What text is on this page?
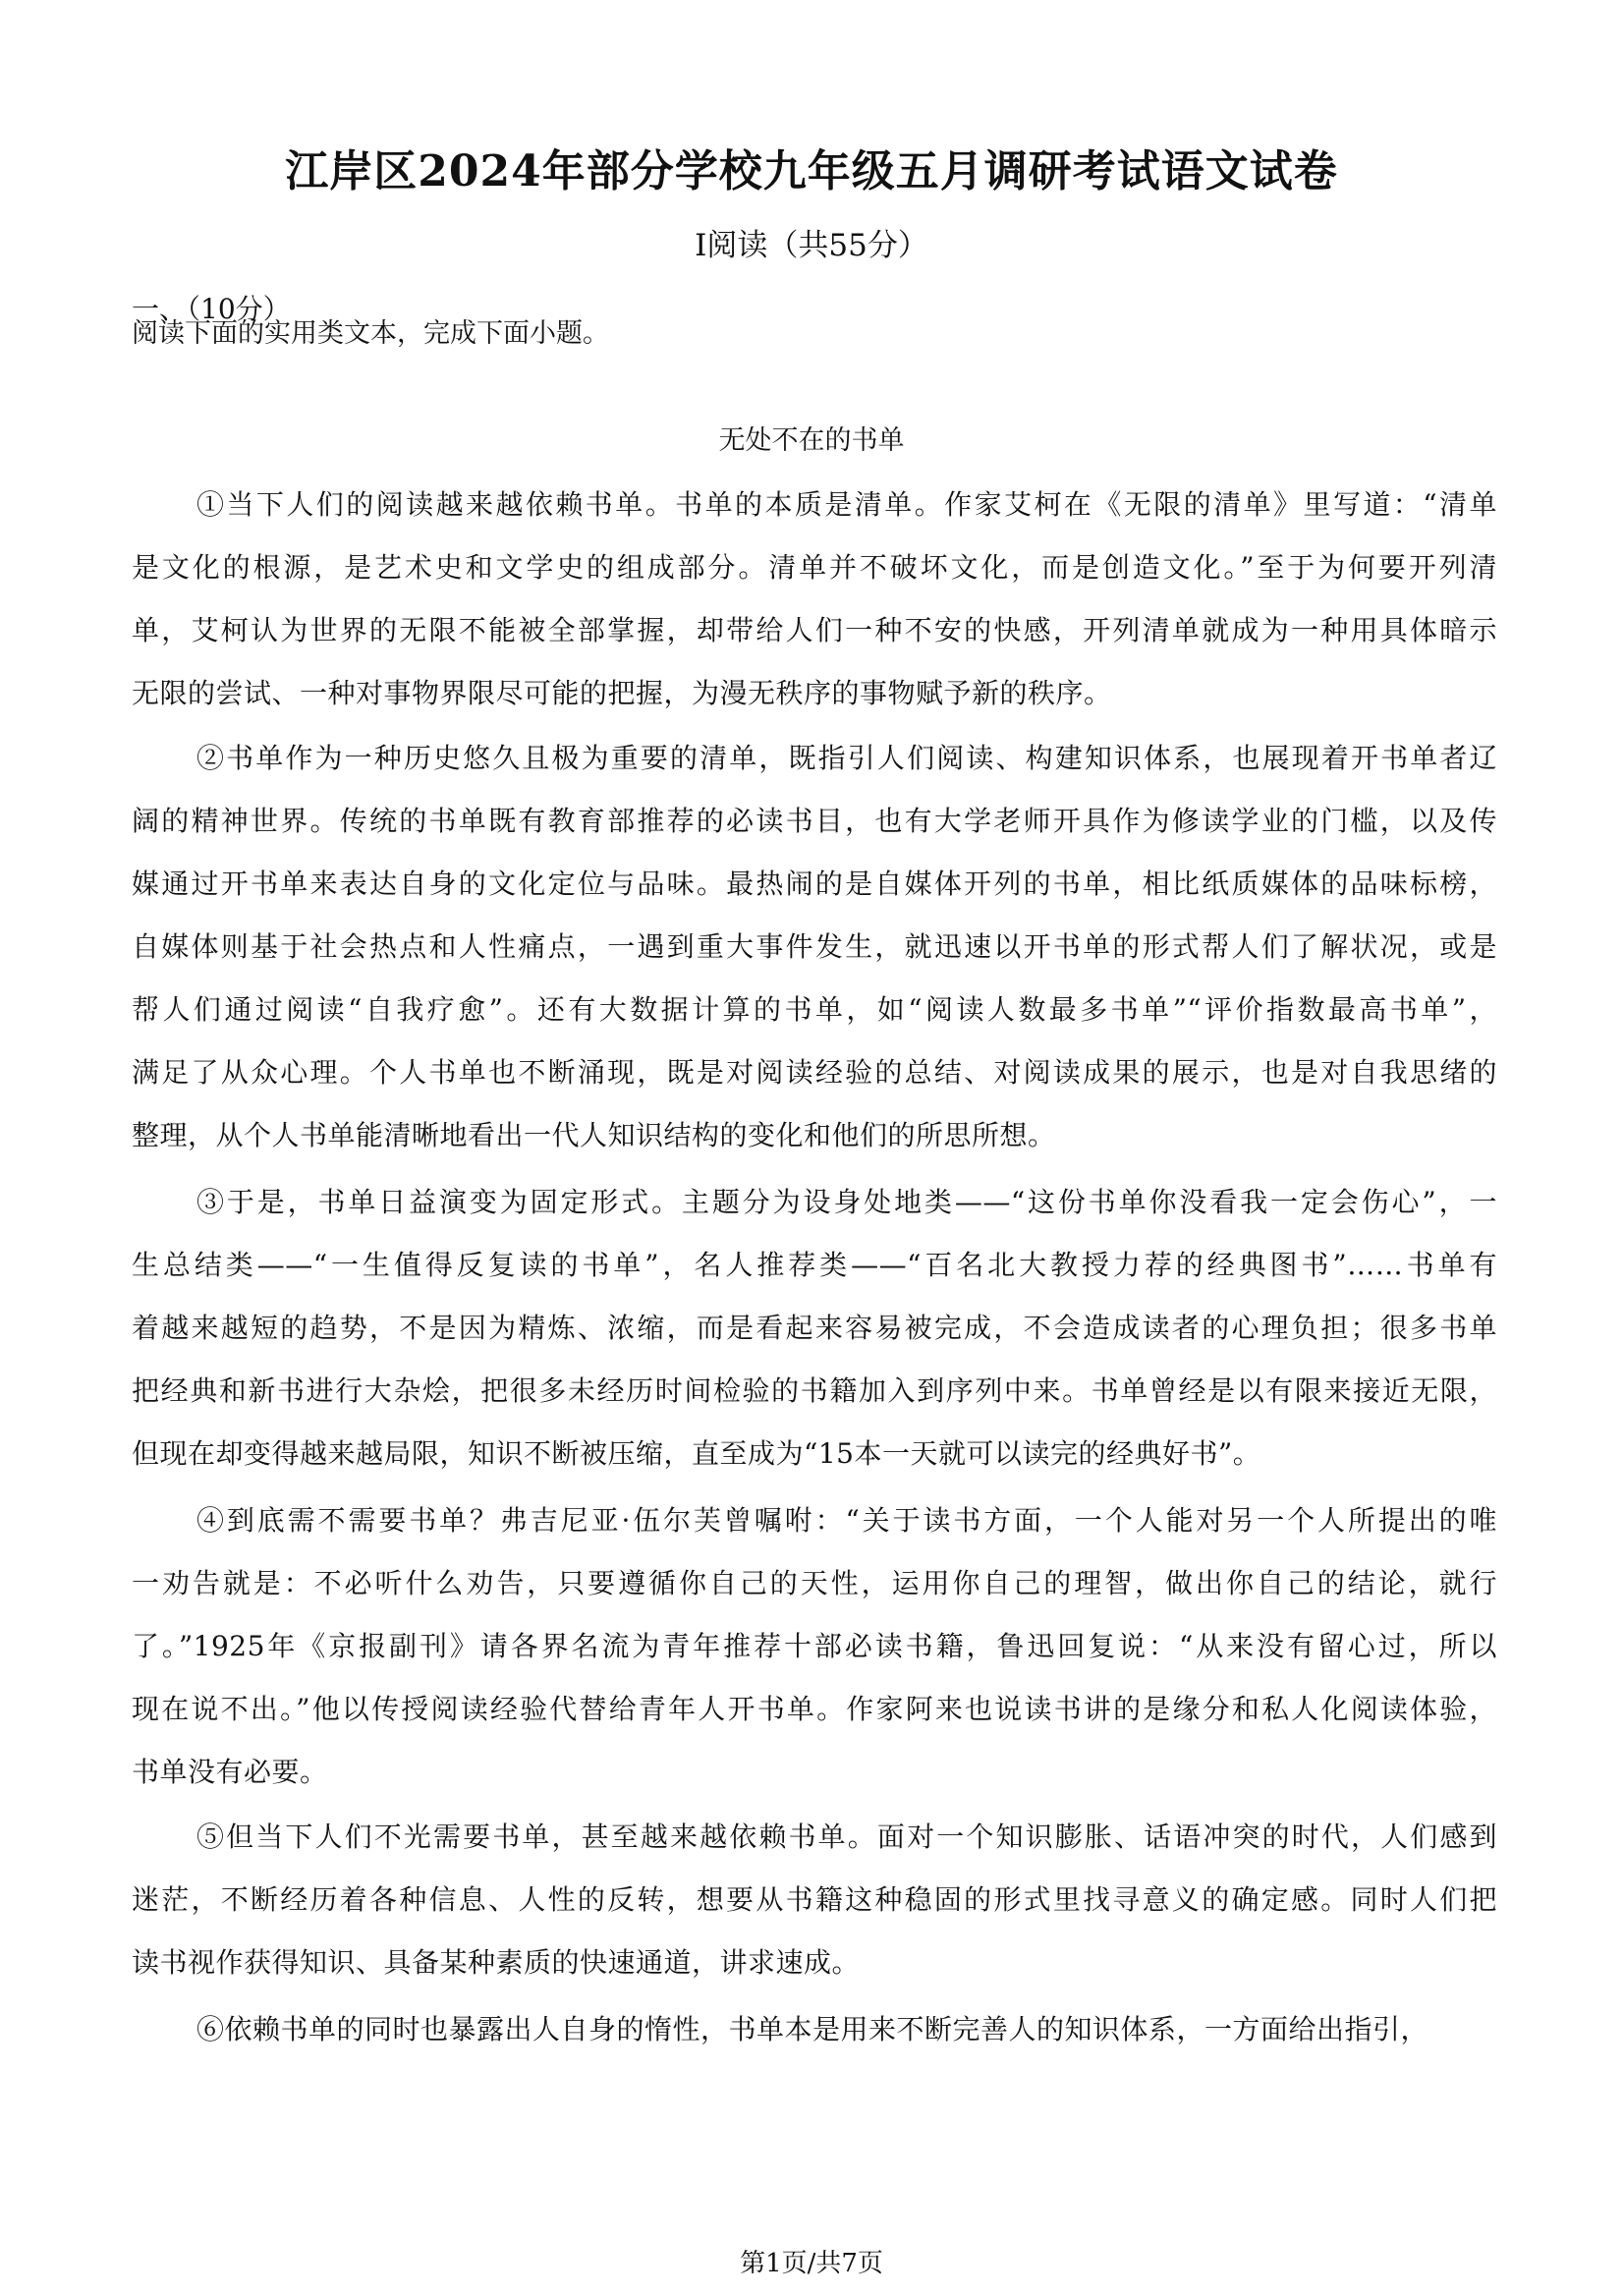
江岸区2024年部分学校九年级五月调研考试语文试卷
I阅读（共55分）
一、（10分）
阅读下面的实用类文本，完成下面小题。
无处不在的书单
①当下人们的阅读越来越依赖书单。书单的本质是清单。作家艾柯在《无限的清单》里写道：“清单
是文化的根源，是艺术史和文学史的组成部分。清单并不破坏文化，而是创造文化。”至于为何要开列清
单，艾柯认为世界的无限不能被全部掌握，却带给人们一种不安的快感，开列清单就成为一种用具体暗示
无限的尝试、一种对事物界限尽可能的把握，为漫无秩序的事物赋予新的秩序。
②书单作为一种历史悠久且极为重要的清单，既指引人们阅读、构建知识体系，也展现着开书单者辽
阔的精神世界。传统的书单既有教育部推荐的必读书目，也有大学老师开具作为修读学业的门槛，以及传
媒通过开书单来表达自身的文化定位与品味。最热闹的是自媒体开列的书单，相比纸质媒体的品味标榜，
自媒体则基于社会热点和人性痛点，一遇到重大事件发生，就迅速以开书单的形式帮人们了解状况，或是
帮人们通过阅读“自我疗愈”。还有大数据计算的书单，如“阅读人数最多书单”“评价指数最高书单”，
满足了从众心理。个人书单也不断涌现，既是对阅读经验的总结、对阅读成果的展示，也是对自我思绪的
整理，从个人书单能清晰地看出一代人知识结构的变化和他们的所思所想。
③于是，书单日益演变为固定形式。主题分为设身处地类——“这份书单你没看我一定会伤心”，一
生总结类——“一生值得反复读的书单”，名人推荐类——“百名北大教授力荐的经典图书”……书单有
着越来越短的趋势，不是因为精炼、浓缩，而是看起来容易被完成，不会造成读者的心理负担；很多书单
把经典和新书进行大杂烩，把很多未经历时间检验的书籍加入到序列中来。书单曾经是以有限来接近无限，
但现在却变得越来越局限，知识不断被压缩，直至成为“15本一天就可以读完的经典好书”。
④到底需不需要书单？弗吉尼亚·伍尔芙曾嘱咐：“关于读书方面，一个人能对另一个人所提出的唯
一劝告就是：不必听什么劝告，只要遵循你自己的天性，运用你自己的理智，做出你自己的结论，就行
了。”1925年《京报副刊》请各界名流为青年推荐十部必读书籍，鲁迅回复说：“从来没有留心过，所以
现在说不出。”他以传授阅读经验代替给青年人开书单。作家阿来也说读书讲的是缘分和私人化阅读体验，
书单没有必要。
⑤但当下人们不光需要书单，甚至越来越依赖书单。面对一个知识膨胀、话语冲突的时代，人们感到
迷茫，不断经历着各种信息、人性的反转，想要从书籍这种稳固的形式里找寻意义的确定感。同时人们把
读书视作获得知识、具备某种素质的快速通道，讲求速成。
⑥依赖书单的同时也暴露出人自身的惰性，书单本是用来不断完善人的知识体系，一方面给出指引，
第1页/共7页
